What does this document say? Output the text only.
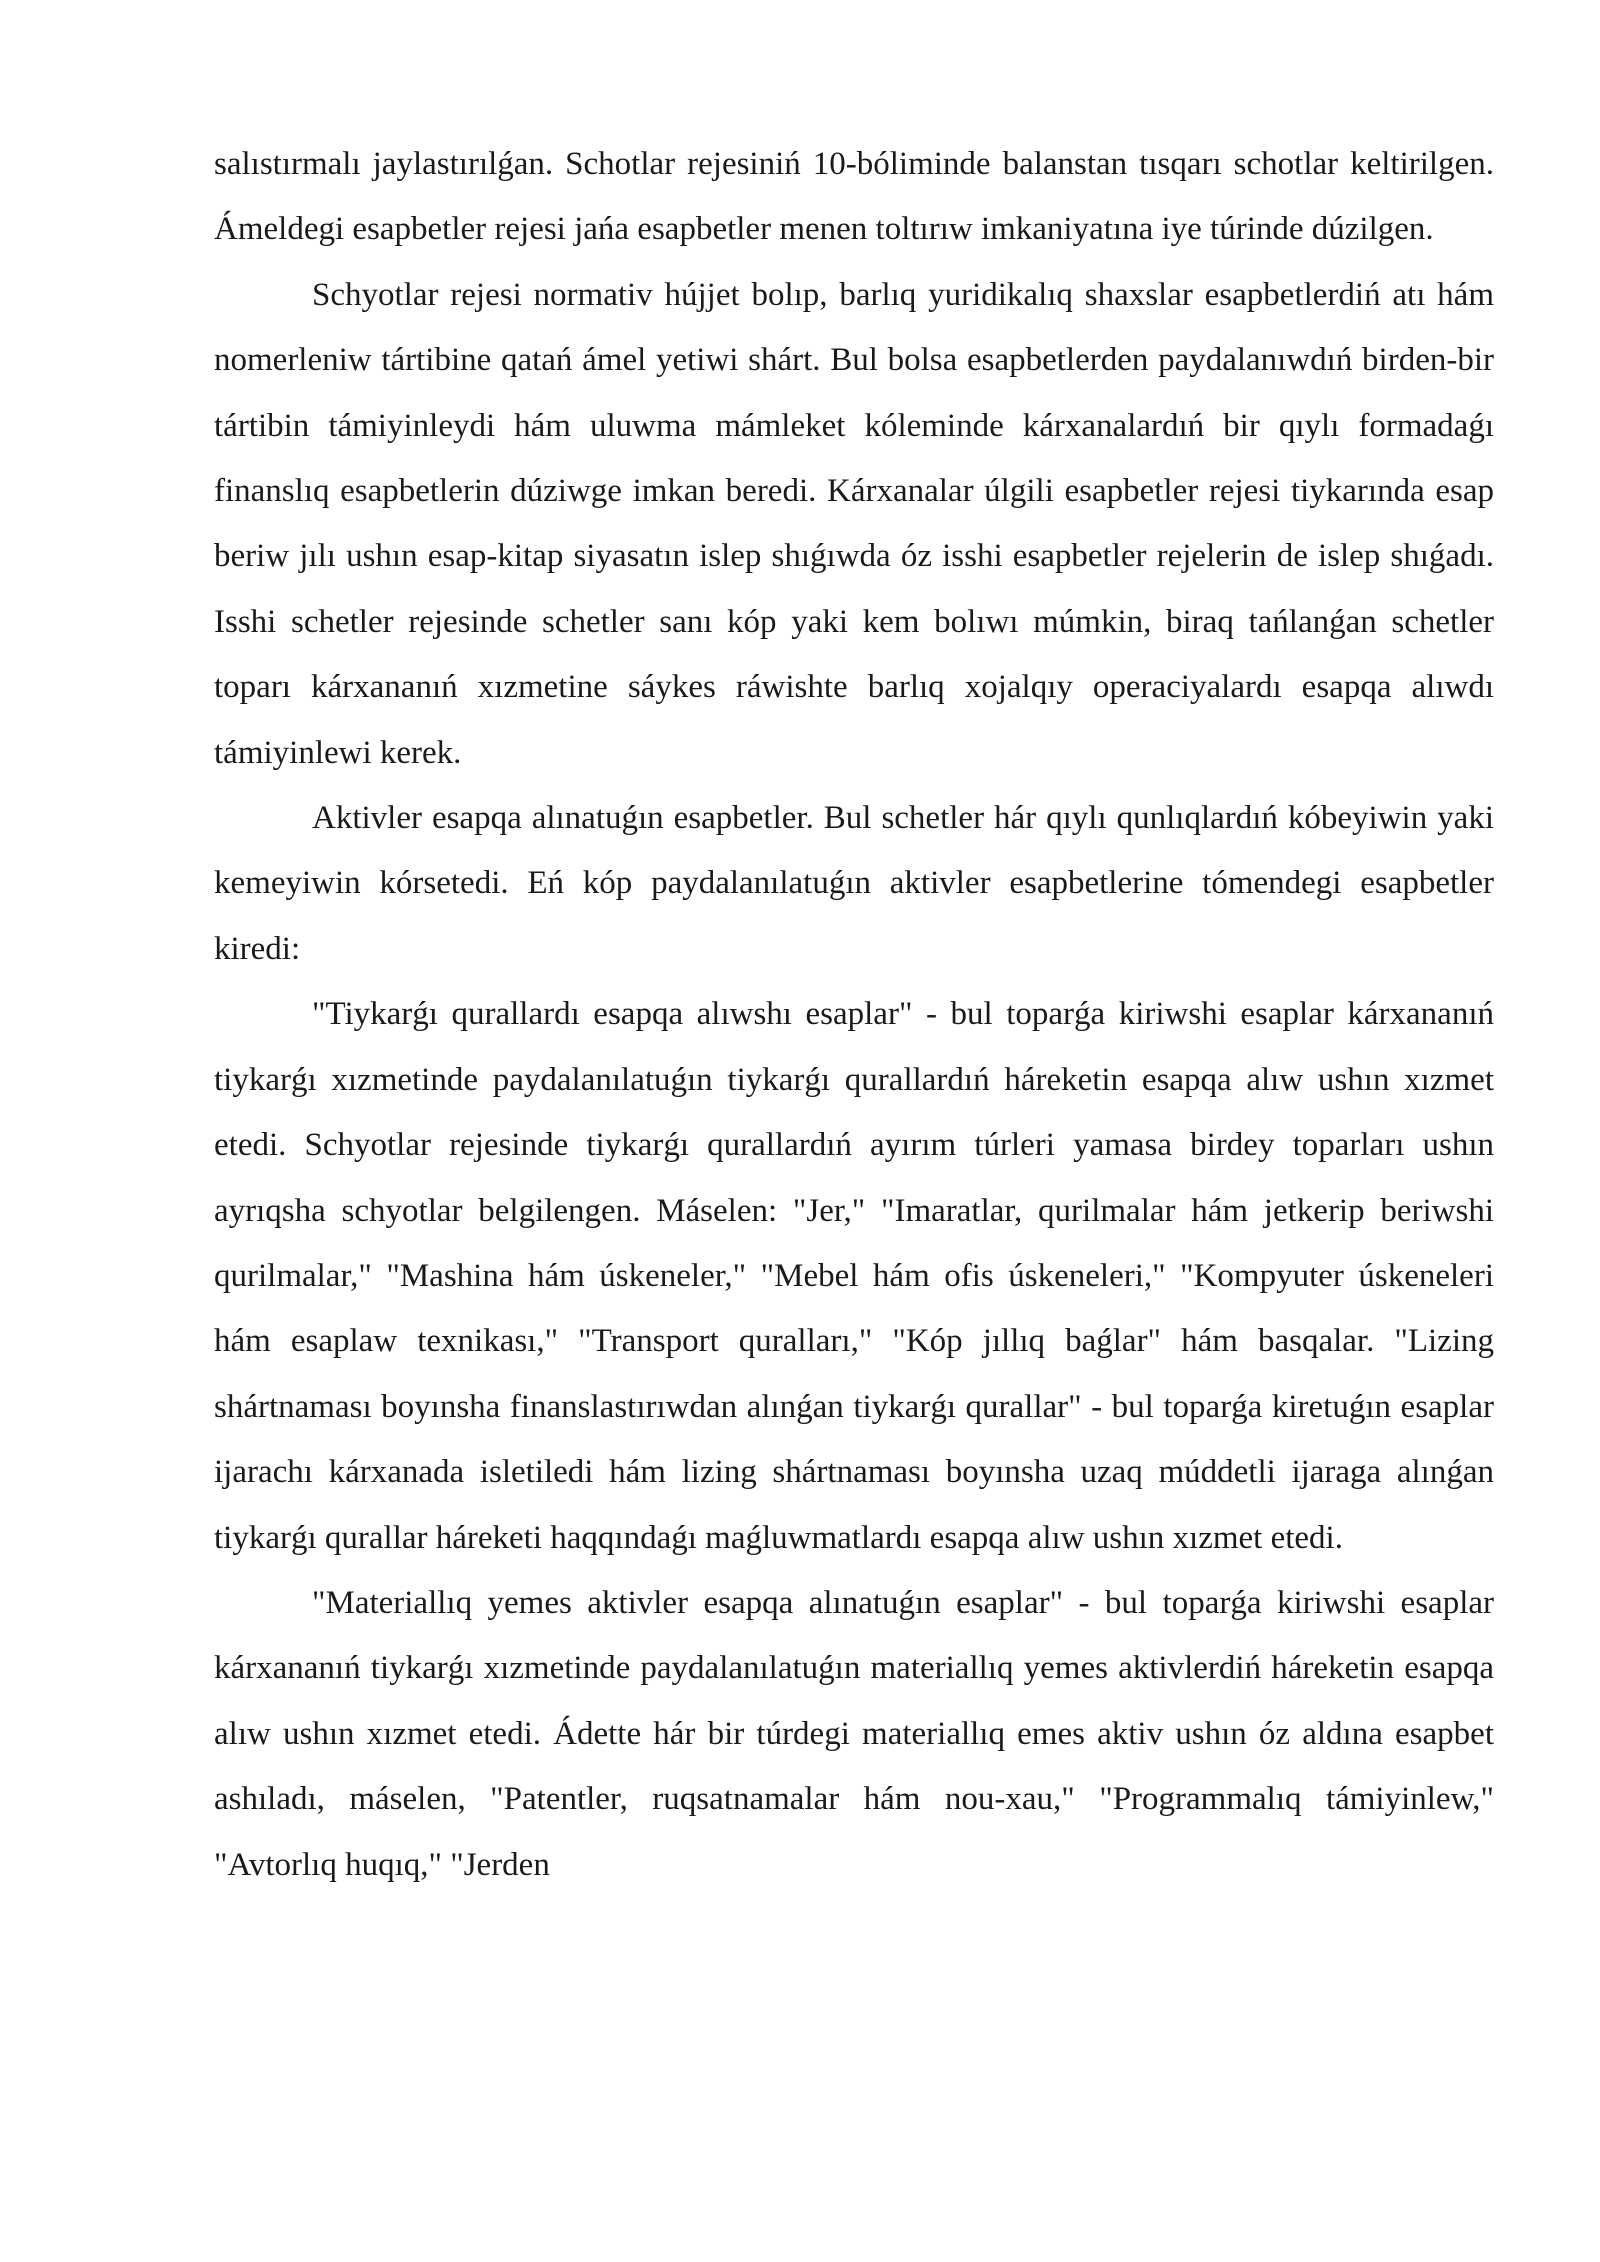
salıstırmalı jaylastırılǵan. Schotlar rejesiniń 10-bóliminde balanstan tısqarı schotlar keltirilgen. Ámeldegi esapbetler rejesi jańa esapbetler menen toltırıw imkaniyatına iye túrinde dúzilgen.

Schyotlar rejesi normativ hújjet bolıp, barlıq yuridikalıq shaxslar esapbetlerdiń atı hám nomerleniw tártibine qatań ámel yetiwi shárt. Bul bolsa esapbetlerden paydalanıwdıń birden-bir tártibin támiyinleydi hám uluwma mámleket kóleminde kárxanalardıń bir qıylı formadaǵı finanslıq esapbetlerin dúziwge imkan beredi. Kárxanalar úlgili esapbetler rejesi tiykarında esap beriw jılı ushın esap-kitap siyasatın islep shıǵıwda óz isshi esapbetler rejelerin de islep shıǵadı. Isshi schetler rejesinde schetler sanı kóp yaki kem bolıwı múmkin, biraq tańlanǵan schetler toparı kárxananıń xızmetine sáykes ráwishte barlıq xojalqıy operaciyalardı esapqa alıwdı támiyinlewi kerek.

Aktivler esapqa alınatuǵın esapbetler. Bul schetler hár qıylı qunlıqlardıń kóbeyiwin yaki kemeyiwin kórsetedi. Eń kóp paydalanılatuǵın aktivler esapbetlerine tómendegi esapbetler kiredi:

"Tiykarǵı qurallardı esapqa alıwshı esaplar" - bul toparǵa kiriwshi esaplar kárxananıń tiykarǵı xızmetinde paydalanılatuǵın tiykarǵı qurallardıń háreketin esapqa alıw ushın xızmet etedi. Schyotlar rejesinde tiykarǵı qurallardıń ayırım túrleri yamasa birdey toparları ushın ayrıqsha schyotlar belgilengen. Máselen: "Jer," "Imaratlar, qurilmalar hám jetkerip beriwshi qurilmalar," "Mashina hám úskeneler," "Mebel hám ofis úskeneleri," "Kompyuter úskeneleri hám esaplaw texnikası," "Transport quralları," "Kóp jıllıq baǵlar" hám basqalar. "Lizing shártnaması boyınsha finanslastırıwdan alınǵan tiykarǵı qurallar" - bul toparǵa kiretuǵın esaplar ijarachı kárxanada isletiledi hám lizing shártnaması boyınsha uzaq múddetli ijaraga alınǵan tiykarǵı qurallar háreketi haqqındaǵı maǵluwmatlardı esapqa alıw ushın xızmet etedi.

"Materiallıq yemes aktivler esapqa alınatuǵın esaplar" - bul toparǵa kiriwshi esaplar kárxananıń tiykarǵı xızmetinde paydalanılatuǵın materiallıq yemes aktivlerdiń háreketin esapqa alıw ushın xızmet etedi. Ádette hár bir túrdegi materiallıq emes aktiv ushın óz aldına esapbet ashıladı, máselen, "Patentler, ruqsatnamalar hám nou-xau," "Programmalıq támiyinlew," "Avtorlıq huqıq," "Jerden
